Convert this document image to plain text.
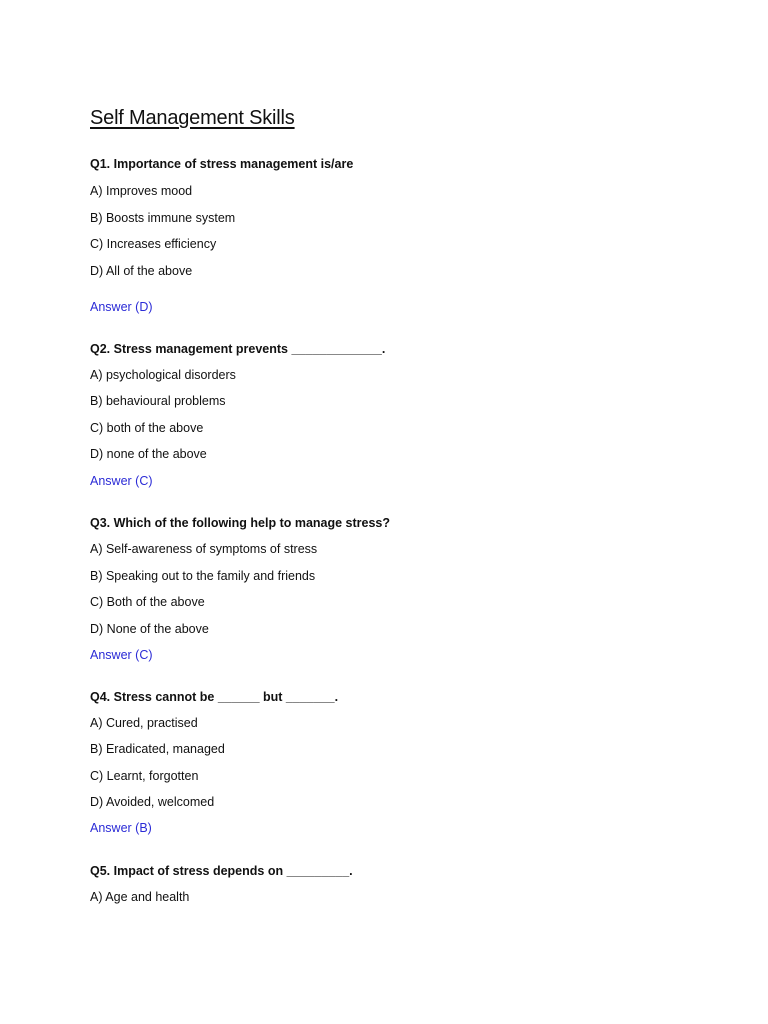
Self Management Skills
Q1. Importance of stress management is/are
A) Improves mood
B) Boosts immune system
C) Increases efficiency
D) All of the above
Answer (D)
Q2. Stress management prevents _____________.
A) psychological disorders
B) behavioural problems
C) both of the above
D) none of the above
Answer (C)
Q3. Which of the following help to manage stress?
A) Self-awareness of symptoms of stress
B) Speaking out to the family and friends
C) Both of the above
D) None of the above
Answer (C)
Q4. Stress cannot be ______ but _______.
A) Cured, practised
B) Eradicated, managed
C) Learnt, forgotten
D) Avoided, welcomed
Answer (B)
Q5. Impact of stress depends on _________.
A) Age and health
